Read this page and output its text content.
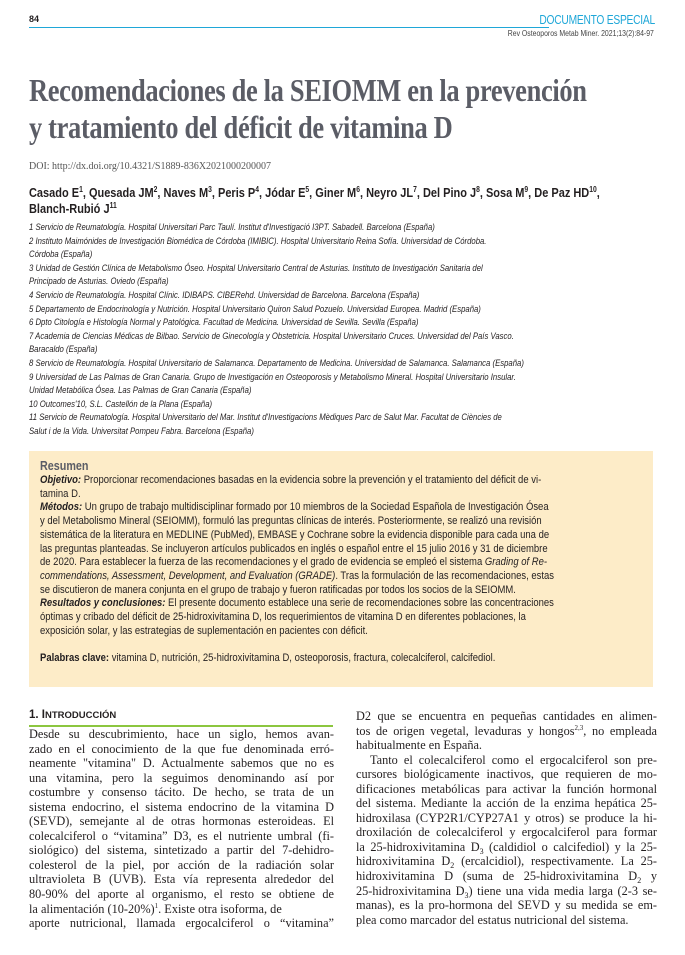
84	DOCUMENTO ESPECIAL
Rev Osteoporos Metab Miner. 2021;13(2):84-97
Recomendaciones de la SEIOMM en la prevención
y tratamiento del déficit de vitamina D
DOI: http://dx.doi.org/10.4321/S1889-836X2021000200007
Casado $E^1$, Quesada $JM^2$, Naves $M^3$, Peris $P^4$, Jódar $E^5$, Giner $M^6$, Neyro $JL^7$, Del Pino $J^8$, Sosa $M^9$, De Paz HD$^{10}$,
Blanch-Rubió $J^{11}$
1 Servicio de Reumatología. Hospital Universitari Parc Taulí. Institut d'Investigació I3PT. Sabadell. Barcelona (España)
2 Instituto Maimónides de Investigación Biomédica de Córdoba (IMIBIC). Hospital Universitario Reina Sofía. Universidad de Córdoba.
Córdoba (España)
3 Unidad de Gestión Clínica de Metabolismo Óseo. Hospital Universitario Central de Asturias. Instituto de Investigación Sanitaria del
Principado de Asturias. Oviedo (España)
4 Servicio de Reumatología. Hospital Clínic. IDIBAPS. CIBERehd. Universidad de Barcelona. Barcelona (España)
5 Departamento de Endocrinología y Nutrición. Hospital Universitario Quiron Salud Pozuelo. Universidad Europea. Madrid (España)
6 Dpto Citología e Histología Normal y Patológica. Facultad de Medicina. Universidad de Sevilla. Sevilla (España)
7 Academia de Ciencias Médicas de Bilbao. Servicio de Ginecología y Obstetricia. Hospital Universitario Cruces. Universidad del País Vasco.
Baracaldo (España)
8 Servicio de Reumatología. Hospital Universitario de Salamanca. Departamento de Medicina. Universidad de Salamanca. Salamanca (España)
9 Universidad de Las Palmas de Gran Canaria. Grupo de Investigación en Osteoporosis y Metabolismo Mineral. Hospital Universitario Insular.
Unidad Metabólica Ósea. Las Palmas de Gran Canaria (España)
10 Outcomes'10, S.L. Castellón de la Plana (España)
11 Servicio de Reumatología. Hospital Universitario del Mar. Institut d'Investigacions Mèdiques Parc de Salut Mar. Facultat de Ciències de
Salut i de la Vida. Universitat Pompeu Fabra. Barcelona (España)
Resumen
Objetivo: Proporcionar recomendaciones basadas en la evidencia sobre la prevención y el tratamiento del déficit de vi-
tamina D.
Métodos: Un grupo de trabajo multidisciplinar formado por 10 miembros de la Sociedad Española de Investigación Ósea
y del Metabolismo Mineral (SEIOMM), formuló las preguntas clínicas de interés. Posteriormente, se realizó una revisión
sistemática de la literatura en MEDLINE (PubMed), EMBASE y Cochrane sobre la evidencia disponible para cada una de
las preguntas planteadas. Se incluyeron artículos publicados en inglés o español entre el 15 julio 2016 y 31 de diciembre
de 2020. Para establecer la fuerza de las recomendaciones y el grado de evidencia se empleó el sistema Grading of Re-
commendations, Assessment, Development, and Evaluation (GRADE). Tras la formulación de las recomendaciones, estas
se discutieron de manera conjunta en el grupo de trabajo y fueron ratificadas por todos los socios de la SEIOMM.
Resultados y conclusiones: El presente documento establece una serie de recomendaciones sobre las concentraciones
óptimas y cribado del déficit de 25-hidroxivitamina D, los requerimientos de vitamina D en diferentes poblaciones, la
exposición solar, y las estrategias de suplementación en pacientes con déficit.
Palabras clave: vitamina D, nutrición, 25-hidroxivitamina D, osteoporosis, fractura, colecalciferol, calcifediol.
1. INTRODUCCIÓN
Desde su descubrimiento, hace un siglo, hemos avan-
zado en el conocimiento de la que fue denominada erró-
neamente "vitamina" D. Actualmente sabemos que no es
una vitamina, pero la seguimos denominando así por
costumbre y consenso tácito. De hecho, se trata de un
sistema endocrino, el sistema endocrino de la vitamina D
(SEVD), semejante al de otras hormonas esteroideas. El
colecalciferol o “vitamina” D3, es el nutriente umbral (fi-
siológico) del sistema, sintetizado a partir del 7-dehidro-
colesterol de la piel, por acción de la radiación solar
ultravioleta B (UVB). Esta vía representa alrededor del
80-90% del aporte al organismo, el resto se obtiene de
la alimentación $(10-20\%)^1$. Existe otra isoforma, de
aporte nutricional, llamada ergocalciferol o “vitamina”
D2 que se encuentra en pequeñas cantidades en alimen-
tos de origen vegetal, levaduras y hongos$^{2,3}$, no empleada
habitualmente en España.
Tanto el colecalciferol como el ergocalciferol son pre-
cursores biológicamente inactivos, que requieren de mo-
dificaciones metabólicas para activar la función hormonal
del sistema. Mediante la acción de la enzima hepática 25-
hidroxilasa (CYP2R1/CYP27A1 y otros) se produce la hi-
droxilación de colecalciferol y ergocalciferol para formar
la 25-hidroxivitamina $D_3$ (caldidiol o calcifediol) y la 25-
hidroxivitamina $D_2$ (ercalcidiol), respectivamente. La 25-
hidroxivitamina D (suma de 25-hidroxivitamina $D_2$ y
25-hidroxivitamina $D_3$) tiene una vida media larga (2-3 se-
manas), es la pro-hormona del SEVD y su medida se em-
plea como marcador del estatus nutricional del sistema.
